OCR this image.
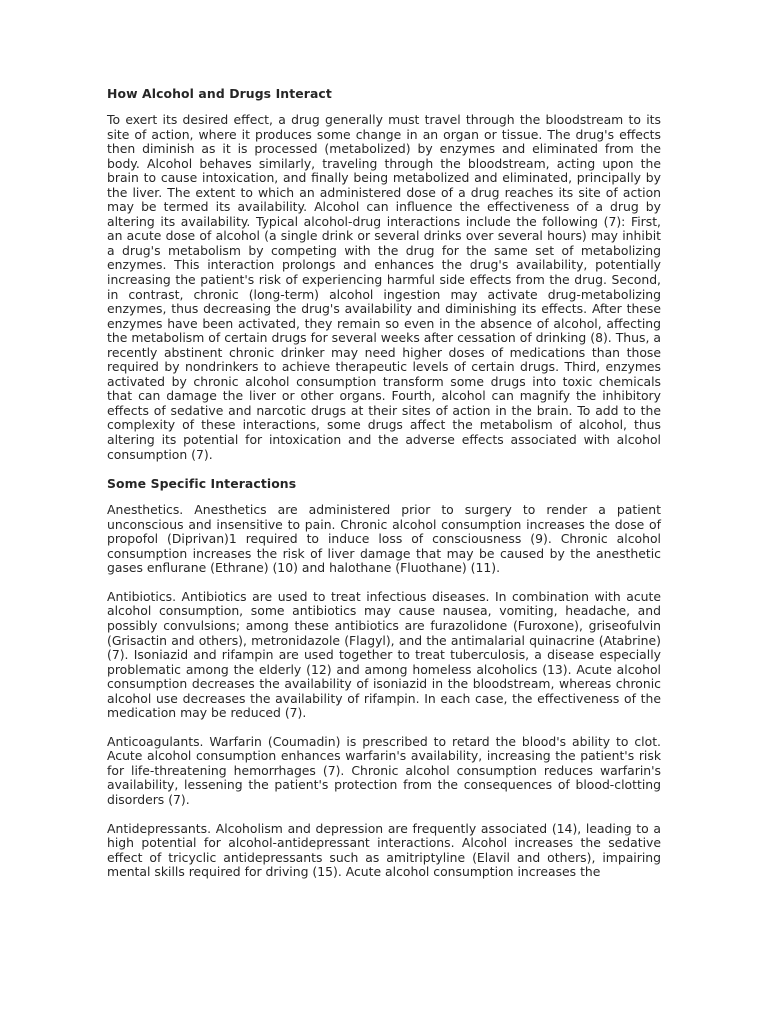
How Alcohol and Drugs Interact

To exert its desired effect, a drug generally must travel through the bloodstream to its site of action, where it produces some change in an organ or tissue. The drug's effects then diminish as it is processed (metabolized) by enzymes and eliminated from the body. Alcohol behaves similarly, traveling through the bloodstream, acting upon the brain to cause intoxication, and finally being metabolized and eliminated, principally by the liver. The extent to which an administered dose of a drug reaches its site of action may be termed its availability. Alcohol can influence the effectiveness of a drug by altering its availability. Typical alcohol-drug interactions include the following (7): First, an acute dose of alcohol (a single drink or several drinks over several hours) may inhibit a drug's metabolism by competing with the drug for the same set of metabolizing enzymes. This interaction prolongs and enhances the drug's availability, potentially increasing the patient's risk of experiencing harmful side effects from the drug. Second, in contrast, chronic (long-term) alcohol ingestion may activate drug-metabolizing enzymes, thus decreasing the drug's availability and diminishing its effects. After these enzymes have been activated, they remain so even in the absence of alcohol, affecting the metabolism of certain drugs for several weeks after cessation of drinking (8). Thus, a recently abstinent chronic drinker may need higher doses of medications than those required by nondrinkers to achieve therapeutic levels of certain drugs. Third, enzymes activated by chronic alcohol consumption transform some drugs into toxic chemicals that can damage the liver or other organs. Fourth, alcohol can magnify the inhibitory effects of sedative and narcotic drugs at their sites of action in the brain. To add to the complexity of these interactions, some drugs affect the metabolism of alcohol, thus altering its potential for intoxication and the adverse effects associated with alcohol consumption (7).

Some Specific Interactions

Anesthetics. Anesthetics are administered prior to surgery to render a patient unconscious and insensitive to pain. Chronic alcohol consumption increases the dose of propofol (Diprivan)1 required to induce loss of consciousness (9). Chronic alcohol consumption increases the risk of liver damage that may be caused by the anesthetic gases enflurane (Ethrane) (10) and halothane (Fluothane) (11).

Antibiotics. Antibiotics are used to treat infectious diseases. In combination with acute alcohol consumption, some antibiotics may cause nausea, vomiting, headache, and possibly convulsions; among these antibiotics are furazolidone (Furoxone), griseofulvin (Grisactin and others), metronidazole (Flagyl), and the antimalarial quinacrine (Atabrine) (7). Isoniazid and rifampin are used together to treat tuberculosis, a disease especially problematic among the elderly (12) and among homeless alcoholics (13). Acute alcohol consumption decreases the availability of isoniazid in the bloodstream, whereas chronic alcohol use decreases the availability of rifampin. In each case, the effectiveness of the medication may be reduced (7).

Anticoagulants. Warfarin (Coumadin) is prescribed to retard the blood's ability to clot. Acute alcohol consumption enhances warfarin's availability, increasing the patient's risk for life-threatening hemorrhages (7). Chronic alcohol consumption reduces warfarin's availability, lessening the patient's protection from the consequences of blood-clotting disorders (7).

Antidepressants. Alcoholism and depression are frequently associated (14), leading to a high potential for alcohol-antidepressant interactions. Alcohol increases the sedative effect of tricyclic antidepressants such as amitriptyline (Elavil and others), impairing mental skills required for driving (15). Acute alcohol consumption increases the
